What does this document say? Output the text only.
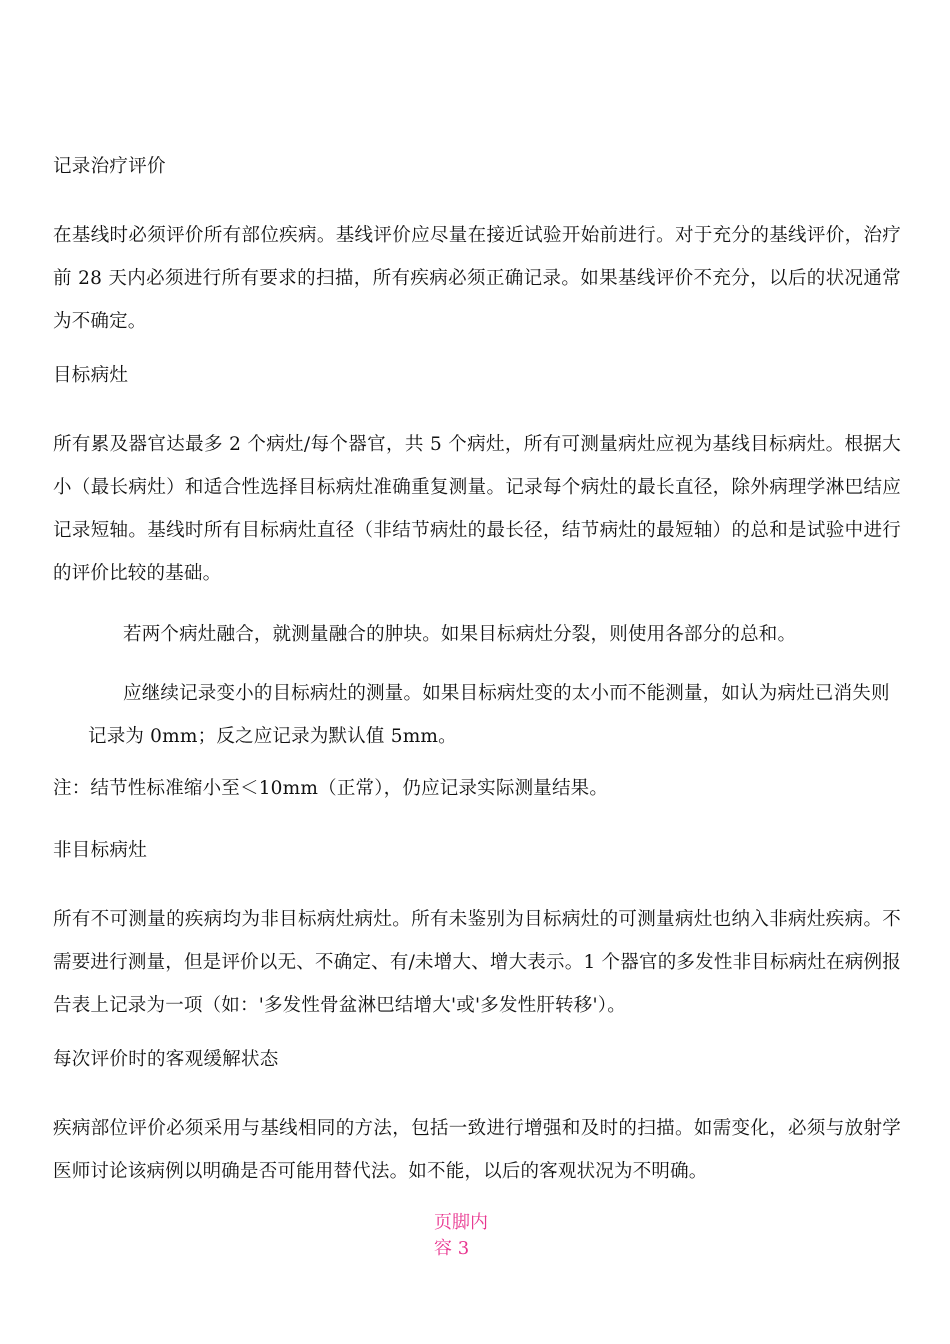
记录治疗评价
在基线时必须评价所有部位疾病。基线评价应尽量在接近试验开始前进行。对于充分的基线评价，治疗前 28 天内必须进行所有要求的扫描，所有疾病必须正确记录。如果基线评价不充分，以后的状况通常为不确定。
目标病灶
所有累及器官达最多 2 个病灶/每个器官，共 5 个病灶，所有可测量病灶应视为基线目标病灶。根据大小（最长病灶）和适合性选择目标病灶准确重复测量。记录每个病灶的最长直径，除外病理学淋巴结应记录短轴。基线时所有目标病灶直径（非结节病灶的最长径，结节病灶的最短轴）的总和是试验中进行的评价比较的基础。
若两个病灶融合，就测量融合的肿块。如果目标病灶分裂，则使用各部分的总和。
应继续记录变小的目标病灶的测量。如果目标病灶变的太小而不能测量，如认为病灶已消失则记录为 0mm；反之应记录为默认值 5mm。
注：结节性标准缩小至＜10mm（正常），仍应记录实际测量结果。
非目标病灶
所有不可测量的疾病均为非目标病灶病灶。所有未鉴别为目标病灶的可测量病灶也纳入非病灶疾病。不需要进行测量，但是评价以无、不确定、有/未增大、增大表示。1 个器官的多发性非目标病灶在病例报告表上记录为一项（如：'多发性骨盆淋巴结增大'或'多发性肝转移'）。
每次评价时的客观缓解状态
疾病部位评价必须采用与基线相同的方法，包括一致进行增强和及时的扫描。如需变化，必须与放射学医师讨论该病例以明确是否可能用替代法。如不能，以后的客观状况为不明确。
页脚内容 3
